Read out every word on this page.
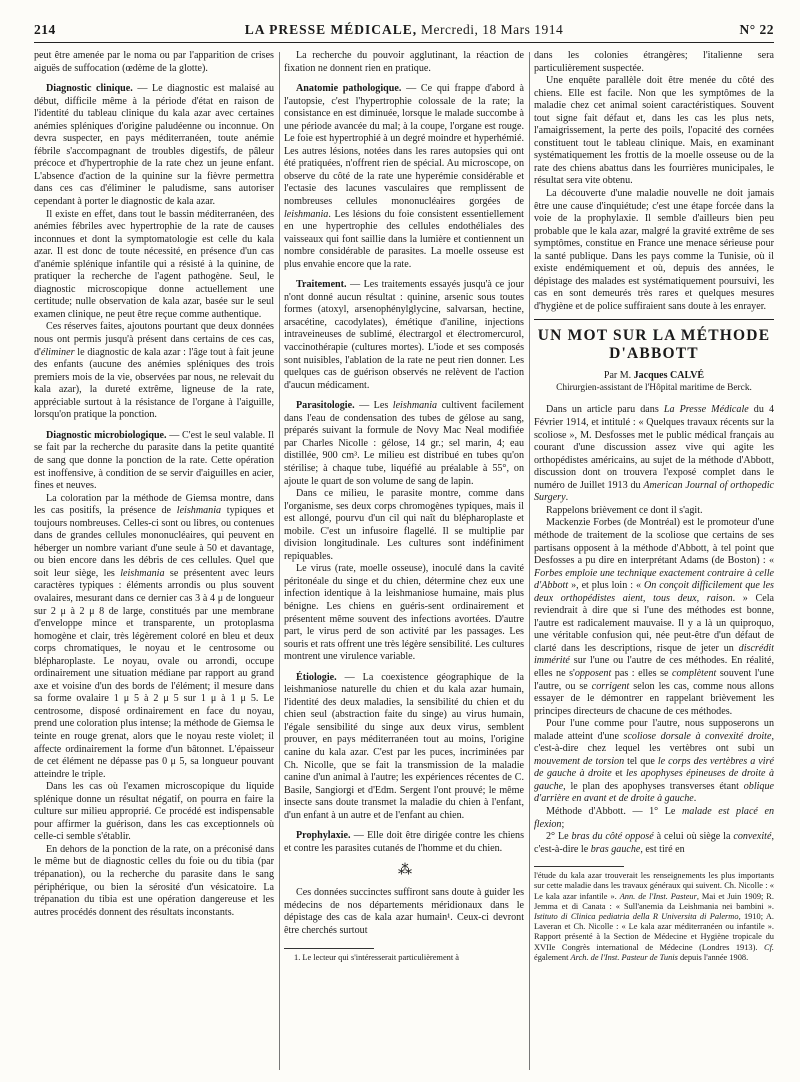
214	LA PRESSE MÉDICALE, Mercredi, 18 Mars 1914	N° 22

peut être amenée par le noma ou par l'apparition de crises aiguës de suffocation (œdème de la glotte).

Diagnostic clinique. — Le diagnostic est malaisé au début, difficile même à la période d'état en raison de l'identité du tableau clinique du kala azar avec certaines anémies spléniques d'origine paludéenne ou inconnue. On devra suspecter, en pays méditerranéen, toute anémie fébrile s'accompagnant de troubles digestifs, de pâleur précoce et d'hypertrophie de la rate chez un jeune enfant. L'absence d'action de la quinine sur la fièvre permettra dans ces cas d'éliminer le paludisme, sans autoriser cependant à porter le diagnostic de kala azar.

Il existe en effet, dans tout le bassin méditerranéen, des anémies fébriles avec hypertrophie de la rate de causes inconnues et dont la symptomatologie est celle du kala azar. Il est donc de toute nécessité, en présence d'un cas d'anémie splénique infantile qui a résisté à la quinine, de pratiquer la recherche de l'agent pathogène. Seul, le diagnostic microscopique donne actuellement une certitude; nulle observation de kala azar, basée sur le seul examen clinique, ne peut être reçue comme authentique.

Ces réserves faites, ajoutons pourtant que deux données nous ont permis jusqu'à présent dans certains de ces cas, d'éliminer le diagnostic de kala azar : l'âge tout à fait jeune des enfants (aucune des anémies spléniques des trois premiers mois de la vie, observées par nous, ne relevait du kala azar), la dureté extrême, ligneuse de la rate, appréciable surtout à la résistance de l'organe à l'aiguille, lorsqu'on pratique la ponction.

Diagnostic microbiologique. — C'est le seul valable. Il se fait par la recherche du parasite dans la petite quantité de sang que donne la ponction de la rate. Cette opération est inoffensive, à condition de se servir d'aiguilles en acier, fines et neuves.

La coloration par la méthode de Giemsa montre, dans les cas positifs, la présence de leishmania typiques et toujours nombreuses. Celles-ci sont ou libres, ou contenues dans de grandes cellules mononucléaires, qui peuvent en héberger un nombre variant d'une seule à 50 et davantage, ou bien encore dans les débris de ces cellules. Quel que soit leur siège, les leishmania se présentent avec leurs caractères typiques : éléments arrondis ou plus souvent ovalaires, mesurant dans ce dernier cas 3 à 4 μ de longueur sur 2 μ à 2 μ 8 de large, constitués par une membrane d'enveloppe mince et transparente, un protoplasma homogène et clair, très légèrement coloré en bleu et deux corps chromatiques, le noyau et le centrosome ou blépharoplaste. Le noyau, ovale ou arrondi, occupe ordinairement une situation médiane par rapport au grand axe et voisine d'un des bords de l'élément; il mesure dans sa forme ovalaire 1 μ 5 à 2 μ 5 sur 1 μ à 1 μ 5. Le centrosome, disposé ordinairement en face du noyau, prend une coloration plus intense; la méthode de Giemsa le teinte en rouge grenat, alors que le noyau reste violet; il affecte ordinairement la forme d'un bâtonnet. L'épaisseur de cet élément ne dépasse pas 0 μ 5, sa longueur pouvant atteindre le triple.

Dans les cas où l'examen microscopique du liquide splénique donne un résultat négatif, on pourra en faire la culture sur milieu approprié. Ce procédé est indispensable pour affirmer la guérison, dans les cas exceptionnels où celle-ci semble s'établir.

En dehors de la ponction de la rate, on a préconisé dans le même but de diagnostic celles du foie ou du tibia (par trépanation), ou la recherche du parasite dans le sang périphérique, ou bien la sérosité d'un vésicatoire. La trépanation du tibia est une opération dangereuse et les autres procédés donnent des résultats inconstants.

La recherche du pouvoir agglutinant, la réaction de fixation ne donnent rien en pratique.

Anatomie pathologique. — Ce qui frappe d'abord à l'autopsie, c'est l'hypertrophie colossale de la rate; la consistance en est diminuée, lorsque le malade succombe à une période avancée du mal; à la coupe, l'organe est rouge. Le foie est hypertrophié à un degré moindre et hyperhémié. Les autres lésions, notées dans les rares autopsies qui ont été pratiquées, n'offrent rien de spécial. Au microscope, on observe du côté de la rate une hyperémie considérable et l'ectasie des lacunes vasculaires que remplissent de nombreuses cellules mononucléaires gorgées de leishmania. Les lésions du foie consistent essentiellement en une hypertrophie des cellules endothéliales des vaisseaux qui font saillie dans la lumière et contiennent un nombre considérable de parasites. La moelle osseuse est plus envahie encore que la rate.

Traitement. — Les traitements essayés jusqu'à ce jour n'ont donné aucun résultat : quinine, arsenic sous toutes formes (atoxyl, arsenophénylglycine, salvarsan, hectine, arsacétine, cacodylates), émétique d'aniline, injections intraveineuses de sublimé, électrargol et électromercurol, vaccinothérapie (cultures mortes). L'iode et ses composés sont nuisibles, l'ablation de la rate ne peut rien donner. Les quelques cas de guérison observés ne relèvent de l'action d'aucun médicament.

Parasitologie. — Les leishmania cultivent facilement dans l'eau de condensation des tubes de gélose au sang, préparés suivant la formule de Novy Mac Neal modifiée par Charles Nicolle : gélose, 14 gr.; sel marin, 4; eau distillée, 900 cm³. Le milieu est distribué en tubes qu'on stérilise; à chaque tube, liquéfié au préalable à 55°, on ajoute le quart de son volume de sang de lapin.

Dans ce milieu, le parasite montre, comme dans l'organisme, ses deux corps chromogènes typiques, mais il est allongé, pourvu d'un cil qui naît du blépharoplaste et mobile. C'est un infusoire flagellé. Il se multiplie par division longitudinale. Les cultures sont indéfiniment repiquables.

Le virus (rate, moelle osseuse), inoculé dans la cavité péritonéale du singe et du chien, détermine chez eux une infection identique à la leishmaniose humaine, mais plus bénigne. Les chiens en guéris-sent ordinairement et présentent même souvent des infections avortées. D'autre part, le virus perd de son activité par les passages. Les souris et rats offrent une très légère sensibilité. Les cultures montrent une virulence variable.

Étiologie. — La coexistence géographique de la leishmaniose naturelle du chien et du kala azar humain, l'identité des deux maladies, la sensibilité du chien et du chien seul (abstraction faite du singe) au virus humain, l'égale sensibilité du singe aux deux virus, semblent prouver, en pays méditerranéen tout au moins, l'origine canine du kala azar. C'est par les puces, incriminées par Ch. Nicolle, que se fait la transmission de la maladie canine d'un animal à l'autre; les expériences récentes de C. Basile, Sangiorgi et d'Edm. Sergent l'ont prouvé; le même insecte sans doute transmet la maladie du chien à l'enfant, d'un enfant à un autre et de l'enfant au chien.

Prophylaxie. — Elle doit être dirigée contre les chiens et contre les parasites cutanés de l'homme et du chien.

⁂

Ces données succinctes suffiront sans doute à guider les médecins de nos départements méridionaux dans le dépistage des cas de kala azar humain¹. Ceux-ci devront être cherchés surtout

1. Le lecteur qui s'intéresserait particulièrement à

dans les colonies étrangères; l'italienne sera particulièrement suspectée.

Une enquête parallèle doit être menée du côté des chiens. Elle est facile. Non que les symptômes de la maladie chez cet animal soient caractéristiques. Souvent tout signe fait défaut et, dans les cas les plus nets, l'amaigrissement, la perte des poils, l'opacité des cornées constituent tout le tableau clinique. Mais, en examinant systématiquement les frottis de la moelle osseuse ou de la rate des chiens abattus dans les fourrières municipales, le résultat sera vite obtenu.

La découverte d'une maladie nouvelle ne doit jamais être une cause d'inquiétude; c'est une étape forcée dans la voie de la prophylaxie. Il semble d'ailleurs bien peu probable que le kala azar, malgré la gravité extrême de ses symptômes, constitue en France une menace sérieuse pour la santé publique. Dans les pays comme la Tunisie, où il existe endémiquement et où, depuis des années, le dépistage des malades est systématiquement poursuivi, les cas en sont demeurés très rares et quelques mesures d'hygiène et de police suffiraient sans doute à les enrayer.

UN MOT SUR LA MÉTHODE D'ABBOTT

Par M. Jacques CALVÉ

Chirurgien-assistant de l'Hôpital maritime de Berck.

Dans un article paru dans La Presse Médicale du 4 Février 1914, et intitulé : « Quelques travaux récents sur la scoliose », M. Desfosses met le public médical français au courant d'une discussion assez vive qui agite les orthopédistes américains, au sujet de la méthode d'Abbott, discussion dont on trouvera l'exposé complet dans le numéro de Juillet 1913 du American Journal of orthopedic Surgery.

Rappelons brièvement ce dont il s'agit.

Mackenzie Forbes (de Montréal) est le promoteur d'une méthode de traitement de la scoliose que certains de ses partisans opposent à la méthode d'Abbott, à tel point que Desfosses a pu dire en interprétant Adams (de Boston) : « Forbes emploie une technique exactement contraire à celle d'Abbott », et plus loin : « On conçoit difficilement que les deux orthopédistes aient, tous deux, raison. » Cela reviendrait à dire que si l'une des méthodes est bonne, l'autre est radicalement mauvaise. Il y a là un quiproquo, une véritable confusion qui, née peut-être d'un défaut de clarté dans les descriptions, risque de jeter un discrédit immérité sur l'une ou l'autre de ces méthodes. En réalité, elles ne s'opposent pas : elles se complètent souvent l'une l'autre, ou se corrigent selon les cas, comme nous allons essayer de le démontrer en rappelant brièvement les principes directeurs de chacune de ces méthodes.

Pour l'une comme pour l'autre, nous supposerons un malade atteint d'une scoliose dorsale à convexité droite, c'est-à-dire chez lequel les vertèbres ont subi un mouvement de torsion tel que le corps des vertèbres a viré de gauche à droite et les apophyses épineuses de droite à gauche, le plan des apophyses transverses étant oblique d'arrière en avant et de droite à gauche.

Méthode d'Abbott. — 1° Le malade est placé en flexion;

2° Le bras du côté opposé à celui où siège la convexité, c'est-à-dire le bras gauche, est tiré en

l'étude du kala azar trouverait les renseignements les plus importants sur cette maladie dans les travaux généraux qui suivent. Ch. Nicolle : « Le kala azar infantile ». Ann. de l'Inst. Pasteur, Mai et Juin 1909; R. Jemma et di Canata : « Sull'anemia da Leishmania nei bambini ». Istituto di Clinica pediatria della R Universita di Palermo, 1910; A. Laveran et Ch. Nicolle : « Le kala azar méditerranéen ou infantile ». Rapport présenté à la Section de Médecine et Hygiène tropicale du XVIIe Congrès international de Médecine (Londres 1913). Cf. également Arch. de l'Inst. Pasteur de Tunis depuis l'année 1908.
